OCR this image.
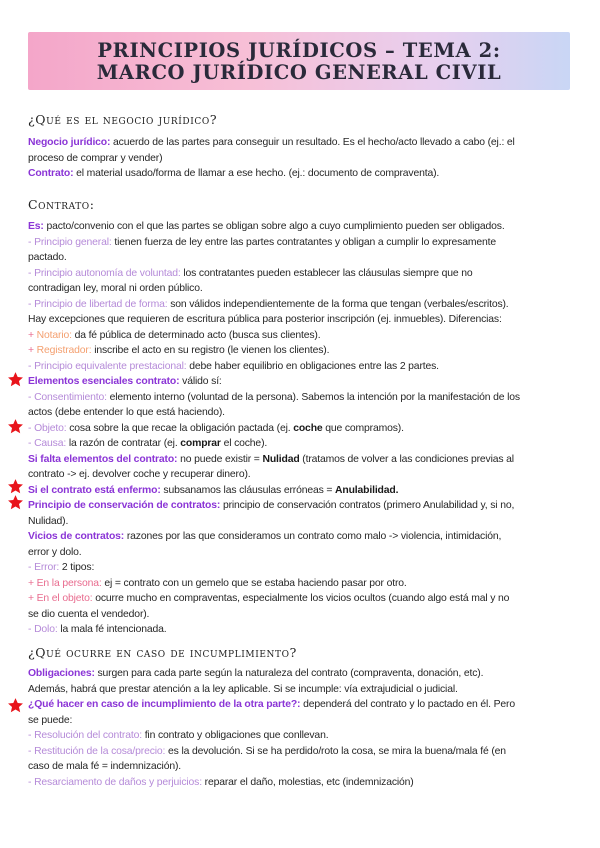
PRINCIPIOS JURÍDICOS – TEMA 2:
MARCO JURÍDICO GENERAL CIVIL
¿Qué es el negocio jurídico?
Negocio jurídico: acuerdo de las partes para conseguir un resultado. Es el hecho/acto llevado a cabo (ej.: el
proceso de comprar y vender)
Contrato: el material usado/forma de llamar a ese hecho. (ej.: documento de compraventa).
Contrato:
Es: pacto/convenio con el que las partes se obligan sobre algo a cuyo cumplimiento pueden ser obligados.
- Principio general: tienen fuerza de ley entre las partes contratantes y obligan a cumplir lo expresamente
pactado.
- Principio autonomía de voluntad: los contratantes pueden establecer las cláusulas siempre que no
contradigan ley, moral ni orden público.
- Principio de libertad de forma: son válidos independientemente de la forma que tengan (verbales/escritos).
Hay excepciones que requieren de escritura pública para posterior inscripción (ej. inmuebles). Diferencias:
+ Notario: da fé pública de determinado acto (busca sus clientes).
+ Registrador: inscribe el acto en su registro (le vienen los clientes).
- Principio equivalente prestacional: debe haber equilibrio en obligaciones entre las 2 partes.
Elementos esenciales contrato: válido sí:
- Consentimiento: elemento interno (voluntad de la persona). Sabemos la intención por la manifestación de los
actos (debe entender lo que está haciendo).
- Objeto: cosa sobre la que recae la obligación pactada (ej. coche que compramos).
- Causa: la razón de contratar (ej. comprar el coche).
Si falta elementos del contrato: no puede existir = Nulidad (tratamos de volver a las condiciones previas al
contrato -> ej. devolver coche y recuperar dinero).
Si el contrato está enfermo: subsanamos las cláusulas erróneas = Anulabilidad.
Principio de conservación de contratos: principio de conservación contratos (primero Anulabilidad y, si no,
Nulidad).
Vicios de contratos: razones por las que consideramos un contrato como malo -> violencia, intimidación,
error y dolo.
- Error: 2 tipos:
+ En la persona: ej = contrato con un gemelo que se estaba haciendo pasar por otro.
+ En el objeto: ocurre mucho en compraventas, especialmente los vicios ocultos (cuando algo está mal y no
se dio cuenta el vendedor).
- Dolo: la mala fé intencionada.
¿Qué ocurre en caso de incumplimiento?
Obligaciones: surgen para cada parte según la naturaleza del contrato (compraventa, donación, etc).
Además, habrá que prestar atención a la ley aplicable. Si se incumple: vía extrajudicial o judicial.
¿Qué hacer en caso de incumplimiento de la otra parte?: dependerá del contrato y lo pactado en él. Pero
se puede:
- Resolución del contrato: fin contrato y obligaciones que conllevan.
- Restitución de la cosa/precio: es la devolución. Si se ha perdido/roto la cosa, se mira la buena/mala fé (en
caso de mala fé = indemnización).
- Resarciamento de daños y perjuicios: reparar el daño, molestias, etc (indemnización)
